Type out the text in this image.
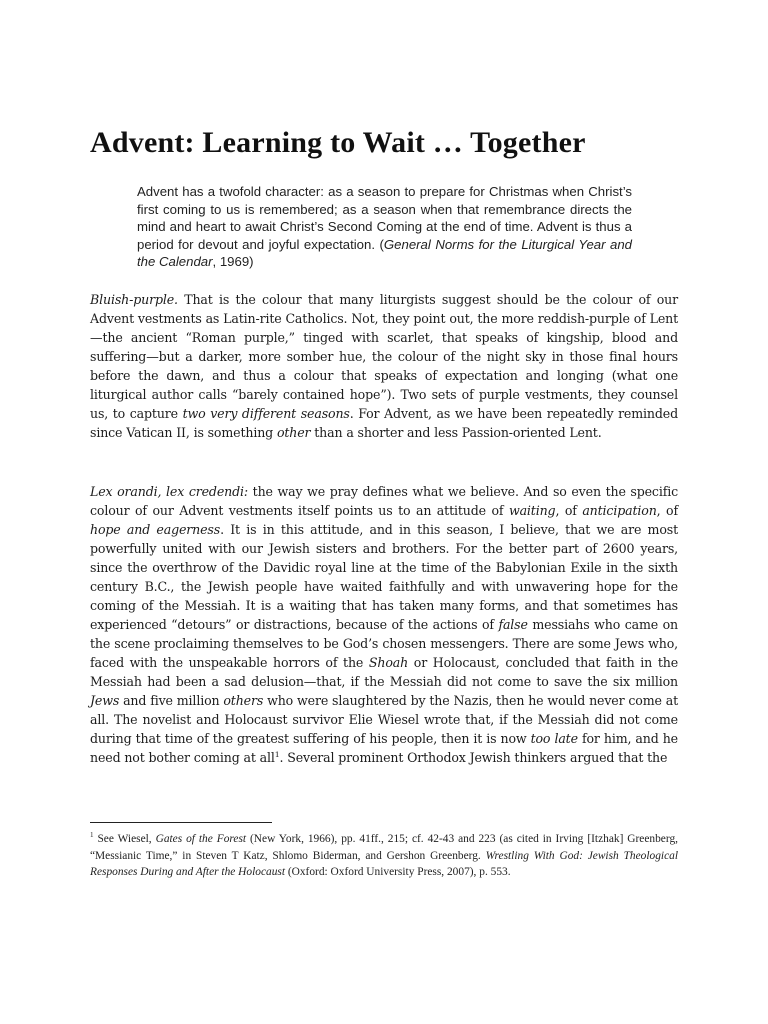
Advent: Learning to Wait … Together
Advent has a twofold character: as a season to prepare for Christmas when Christ’s first coming to us is remembered; as a season when that remembrance directs the mind and heart to await Christ’s Second Coming at the end of time. Advent is thus a period for devout and joyful expectation. (General Norms for the Liturgical Year and the Calendar, 1969)
Bluish-purple. That is the colour that many liturgists suggest should be the colour of our Advent vestments as Latin-rite Catholics. Not, they point out, the more reddish-purple of Lent—the ancient “Roman purple,” tinged with scarlet, that speaks of kingship, blood and suffering—but a darker, more somber hue, the colour of the night sky in those final hours before the dawn, and thus a colour that speaks of expectation and longing (what one liturgical author calls “barely contained hope”). Two sets of purple vestments, they counsel us, to capture two very different seasons. For Advent, as we have been repeatedly reminded since Vatican II, is something other than a shorter and less Passion-oriented Lent.
Lex orandi, lex credendi: the way we pray defines what we believe. And so even the specific colour of our Advent vestments itself points us to an attitude of waiting, of anticipation, of hope and eagerness. It is in this attitude, and in this season, I believe, that we are most powerfully united with our Jewish sisters and brothers. For the better part of 2600 years, since the overthrow of the Davidic royal line at the time of the Babylonian Exile in the sixth century B.C., the Jewish people have waited faithfully and with unwavering hope for the coming of the Messiah. It is a waiting that has taken many forms, and that sometimes has experienced “detours” or distractions, because of the actions of false messiahs who came on the scene proclaiming themselves to be God’s chosen messengers. There are some Jews who, faced with the unspeakable horrors of the Shoah or Holocaust, concluded that faith in the Messiah had been a sad delusion—that, if the Messiah did not come to save the six million Jews and five million others who were slaughtered by the Nazis, then he would never come at all. The novelist and Holocaust survivor Elie Wiesel wrote that, if the Messiah did not come during that time of the greatest suffering of his people, then it is now too late for him, and he need not bother coming at all$^1$. Several prominent Orthodox Jewish thinkers argued that the
$^1$ See Wiesel, Gates of the Forest (New York, 1966), pp. 41ff., 215; cf. 42-43 and 223 (as cited in Irving [Itzhak] Greenberg, “Messianic Time,” in Steven T Katz, Shlomo Biderman, and Gershon Greenberg. Wrestling With God: Jewish Theological Responses During and After the Holocaust (Oxford: Oxford University Press, 2007), p. 553.
